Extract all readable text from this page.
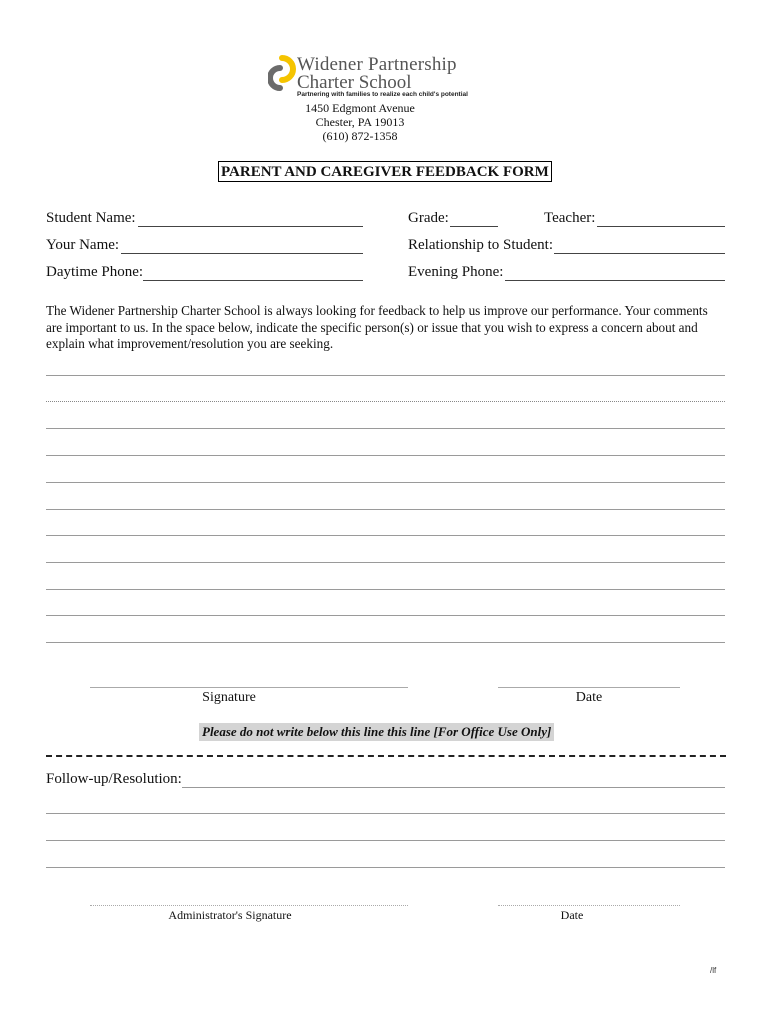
Widener Partnership
Charter School
Partnering with families to realize each child's potential
1450 Edgmont Avenue
Chester, PA 19013
(610) 872-1358
PARENT AND CAREGIVER FEEDBACK FORM
Student Name:	Grade:	Teacher:
Your Name:	Relationship to Student:
Daytime Phone:	Evening Phone:
The Widener Partnership Charter School is always looking for feedback to help us improve our performance. Your comments are important to us. In the space below, indicate the specific person(s) or issue that you wish to express a concern about and explain what improvement/resolution you are seeking.
Signature	Date
Please do not write below this line this line [For Office Use Only]
Follow-up/Resolution:
Administrator's Signature	Date
/lf
